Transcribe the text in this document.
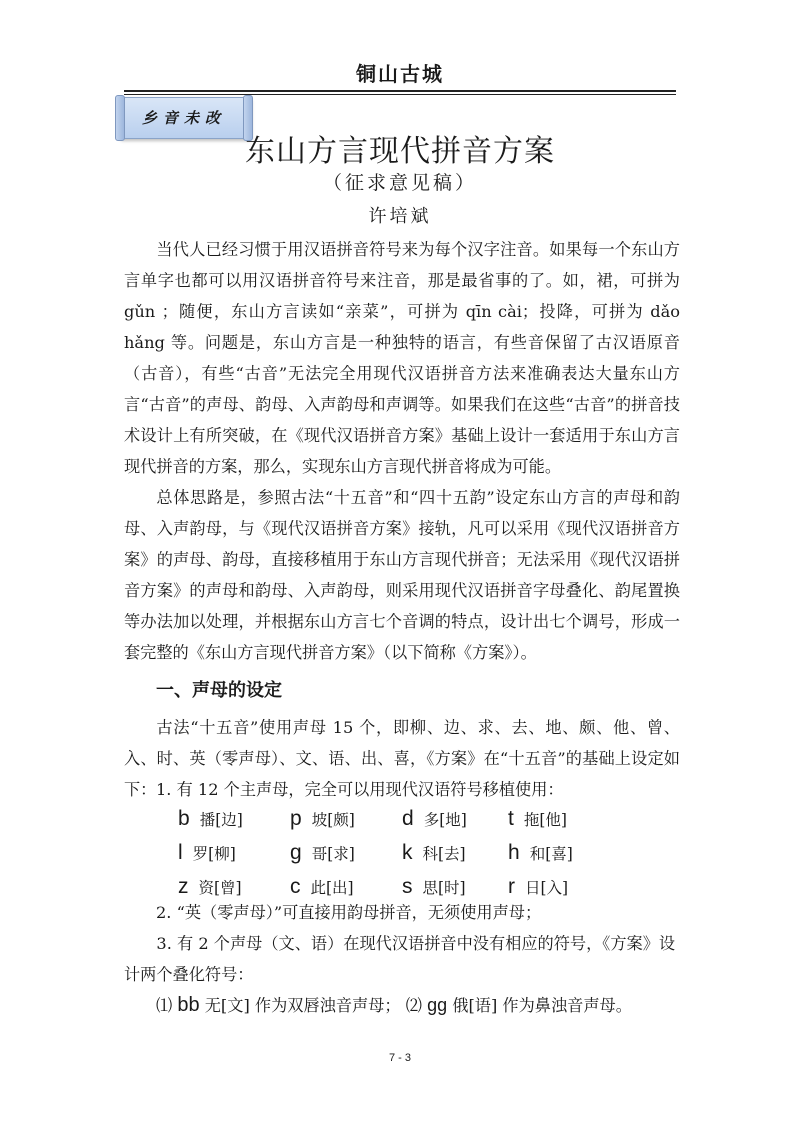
铜山古城
乡音未改
东山方言现代拼音方案
（征求意见稿）
许培斌

当代人已经习惯于用汉语拼音符号来为每个汉字注音。如果每一个东山方言单字也都可以用汉语拼音符号来注音，那是最省事的了。如，裙，可拼为gǔn ；随便，东山方言读如“亲菜”，可拼为 qīn cài；投降，可拼为 dǎo hǎng 等。问题是，东山方言是一种独特的语言，有些音保留了古汉语原音（古音），有些“古音”无法完全用现代汉语拼音方法来准确表达大量东山方言“古音”的声母、韵母、入声韵母和声调等。如果我们在这些“古音”的拼音技术设计上有所突破，在《现代汉语拼音方案》基础上设计一套适用于东山方言现代拼音的方案，那么，实现东山方言现代拼音将成为可能。

总体思路是，参照古法“十五音”和“四十五韵”设定东山方言的声母和韵母、入声韵母，与《现代汉语拼音方案》接轨，凡可以采用《现代汉语拼音方案》的声母、韵母，直接移植用于东山方言现代拼音；无法采用《现代汉语拼音方案》的声母和韵母、入声韵母，则采用现代汉语拼音字母叠化、韵尾置换等办法加以处理，并根据东山方言七个音调的特点，设计出七个调号，形成一套完整的《东山方言现代拼音方案》（以下简称《方案》）。

一、声母的设定

古法“十五音”使用声母 15 个，即柳、边、求、去、地、颇、他、曾、入、时、英（零声母）、文、语、出、喜，《方案》在“十五音”的基础上设定如下： 1. 有 12 个主声母，完全可以用现代汉语符号移植使用：
b 播[边] p 坡[颇] d 多[地] t 拖[他]
l 罗[柳]	g 哥[求] k 科[去] h 和[喜]
z 资[曾] c 此[出] s 思[时] r 日[入]
2. “英（零声母）”可直接用韵母拼音，无须使用声母；
3. 有 2 个声母（文、语）在现代汉语拼音中没有相应的符号，《方案》设计两个叠化符号：
⑴ bb 无[文] 作为双唇浊音声母； ⑵ gg 俄[语] 作为鼻浊音声母。
7 - 3
